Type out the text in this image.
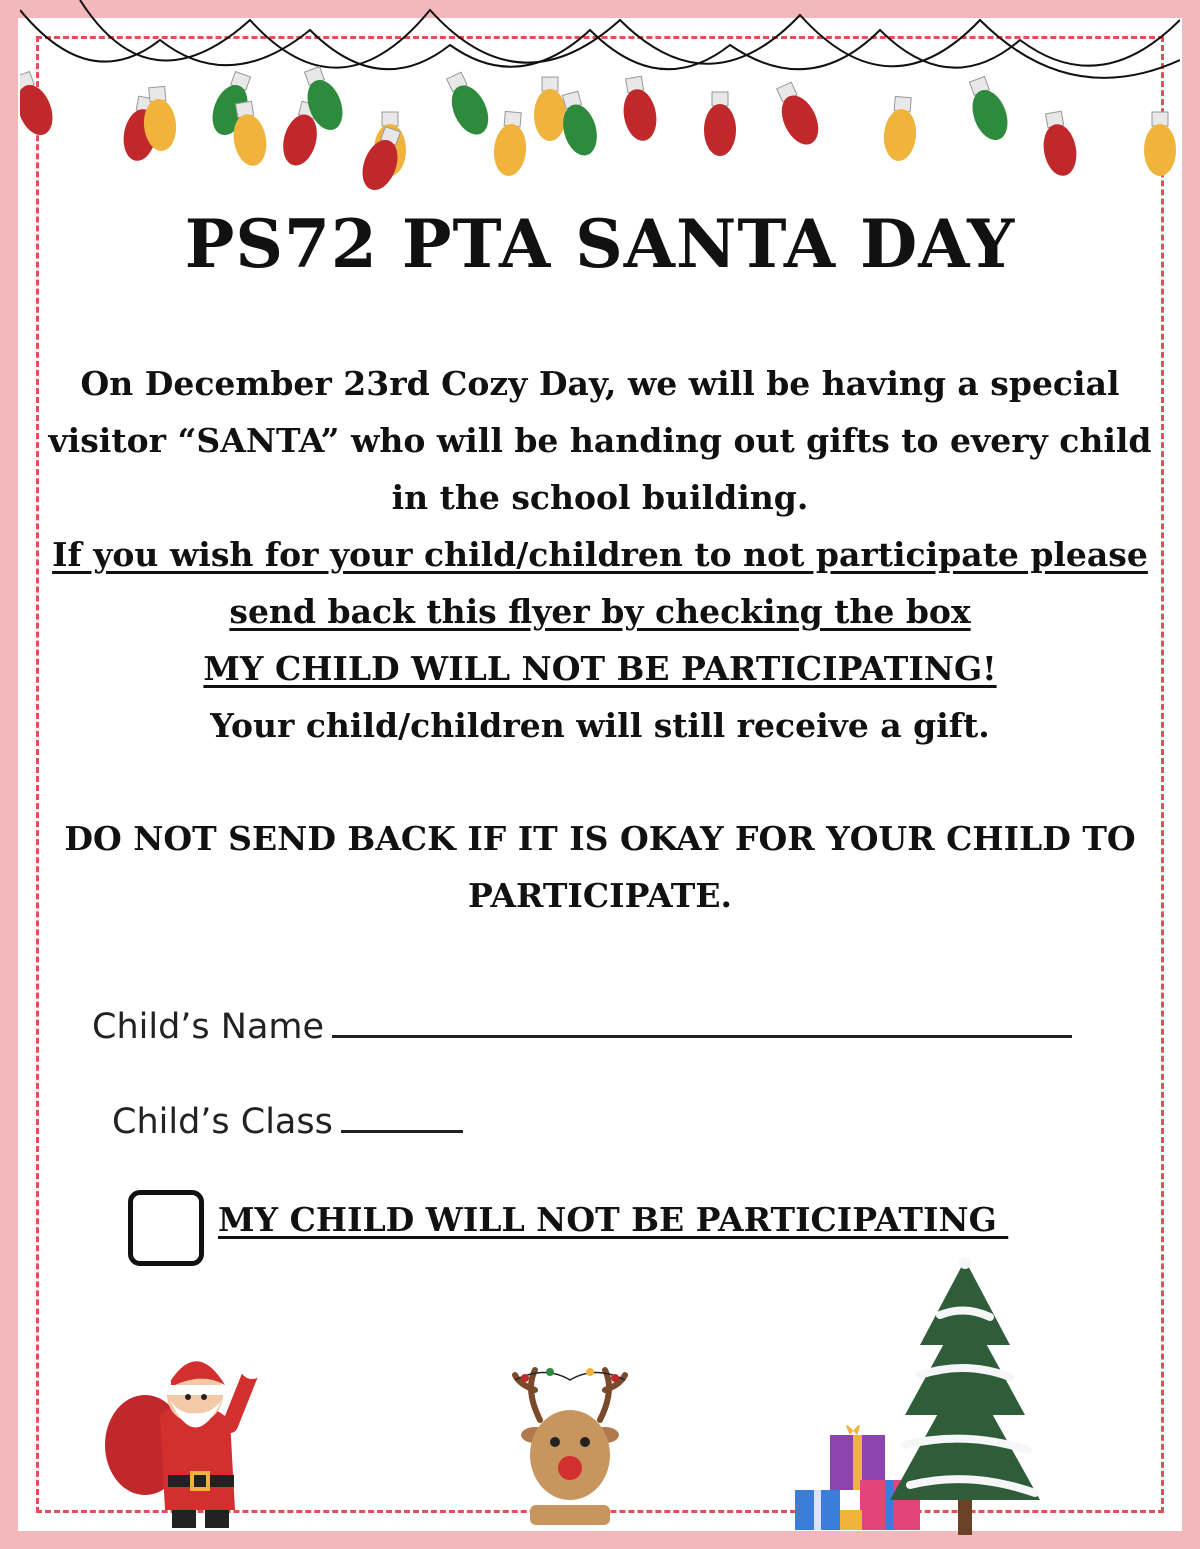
PS72 PTA SANTA DAY
On December 23rd Cozy Day, we will be having a special
visitor “SANTA” who will be handing out gifts to every child
in the school building.
If you wish for your child/children to not participate please
send back this flyer by checking the box
MY CHILD WILL NOT BE PARTICIPATING!
Your child/children will still receive a gift.
DO NOT SEND BACK IF IT IS OKAY FOR YOUR CHILD TO
PARTICIPATE.
Child’s Name
Child’s Class
MY CHILD WILL NOT BE PARTICIPATING
